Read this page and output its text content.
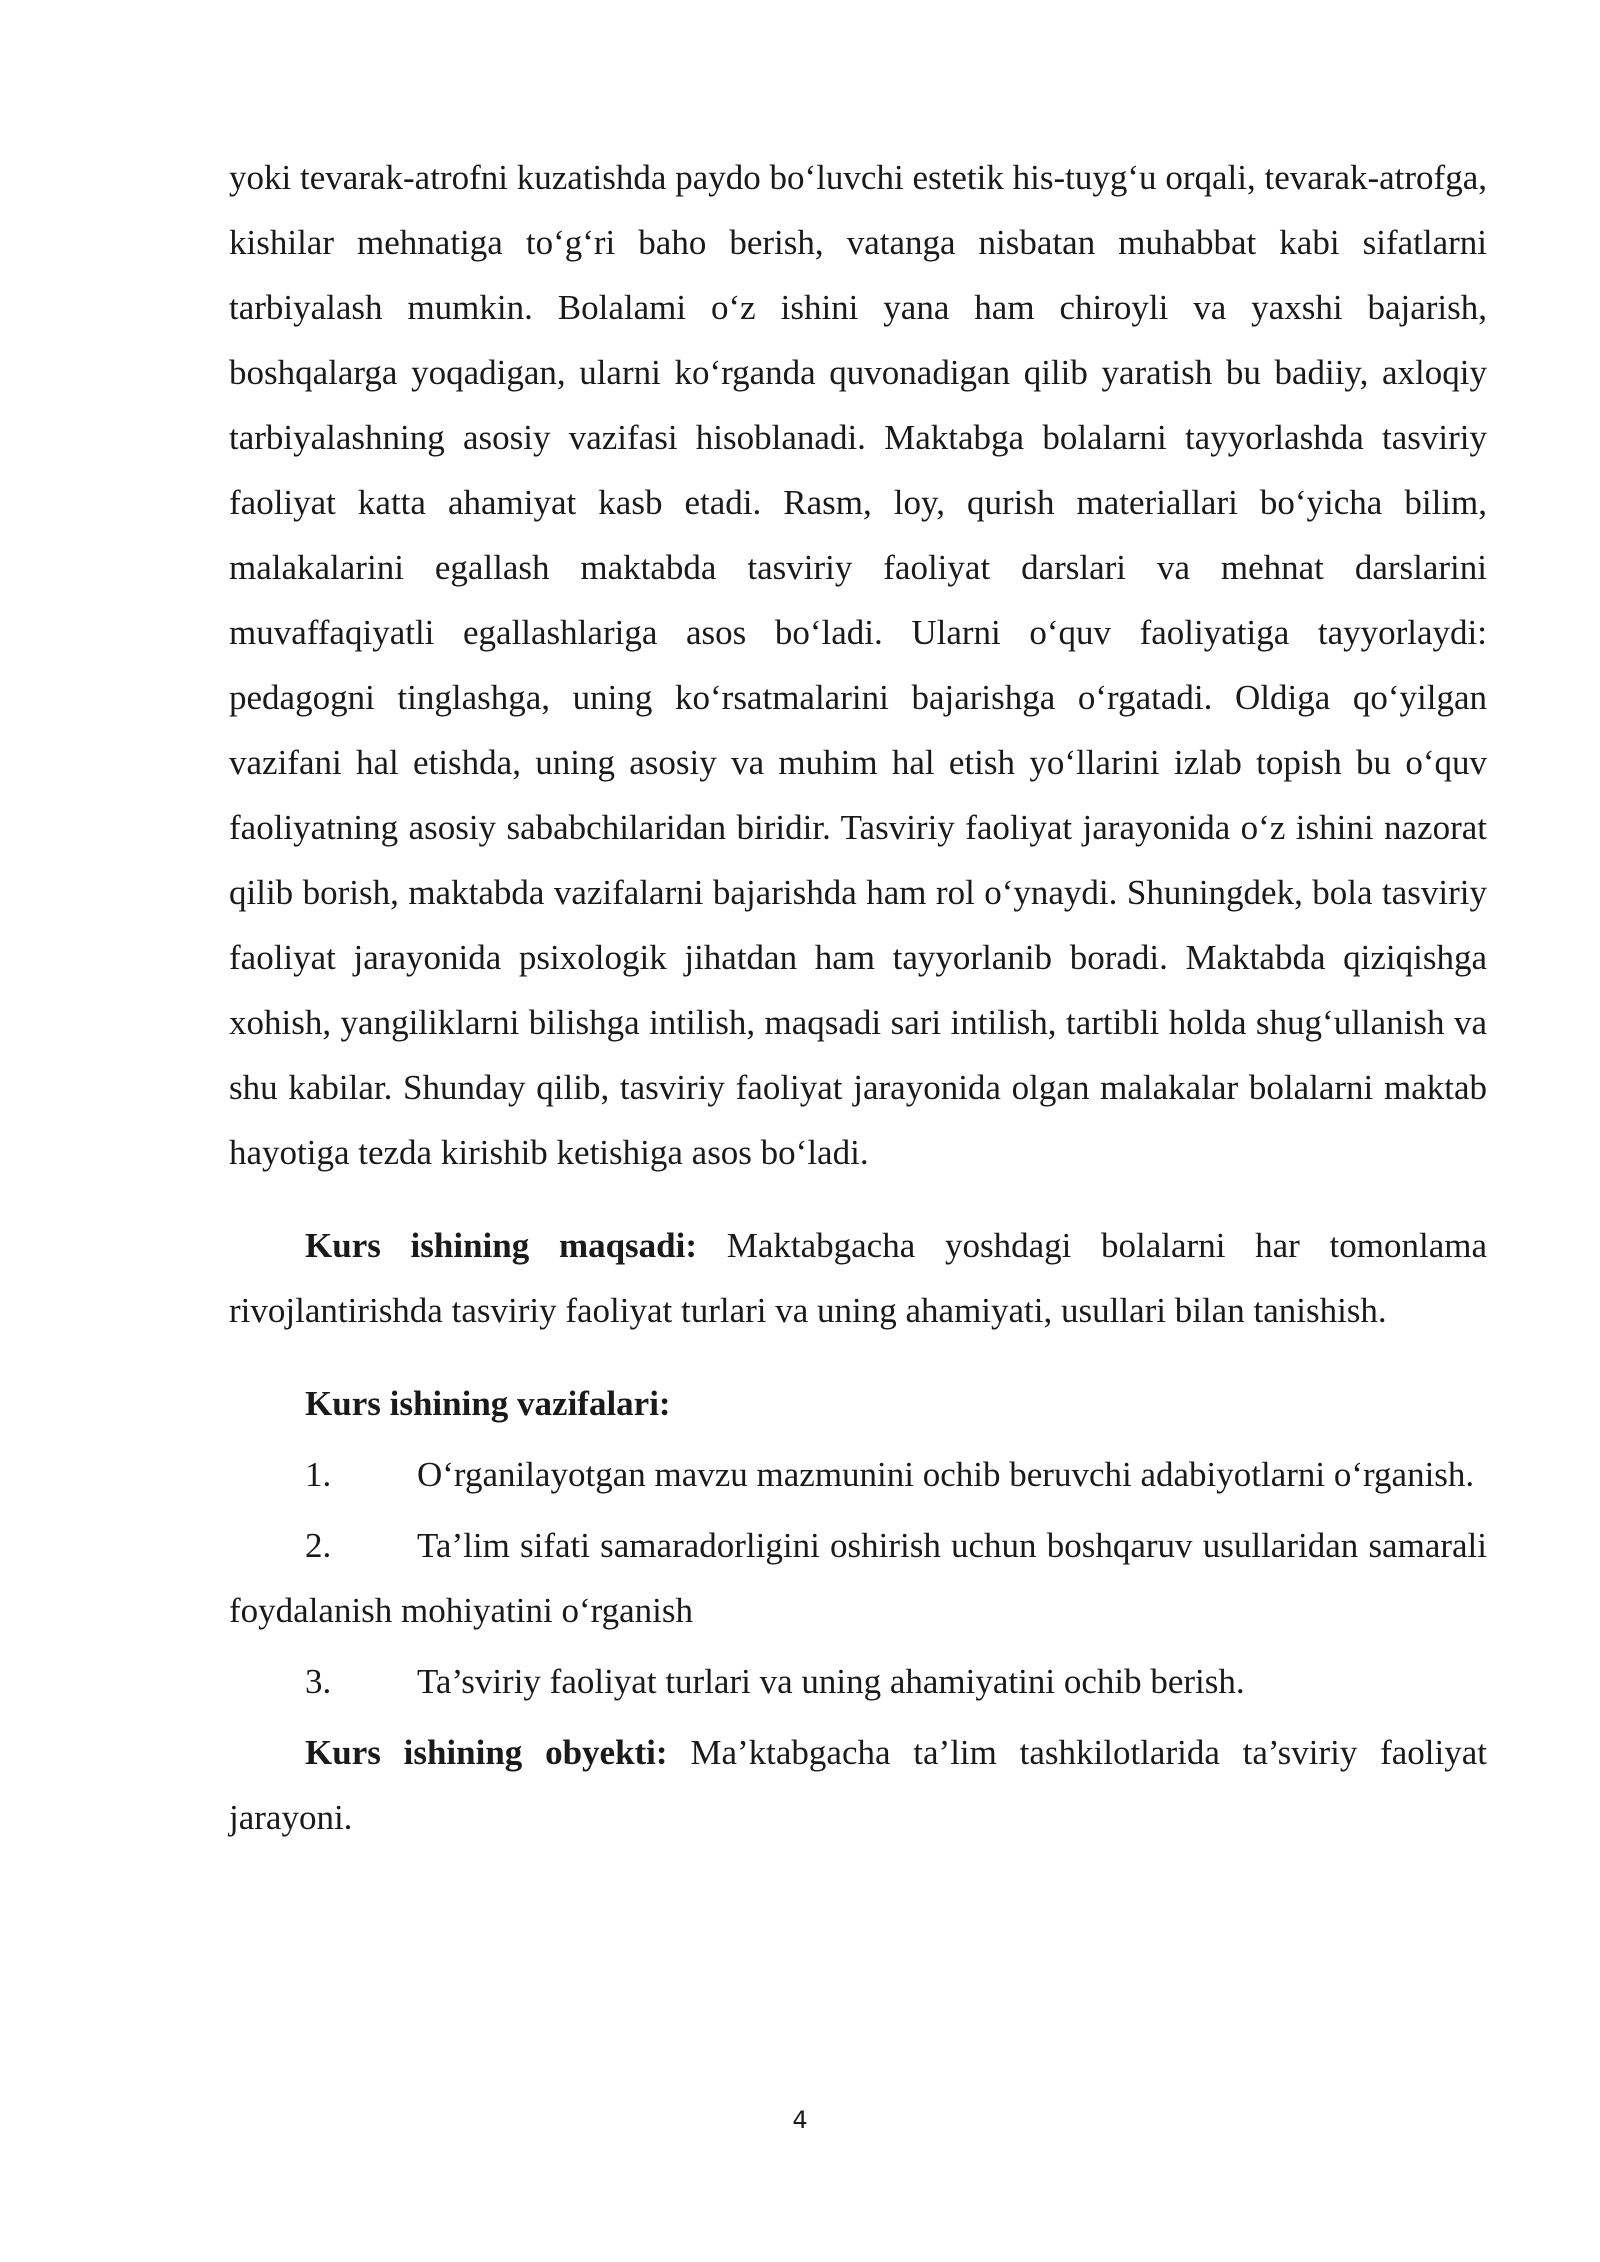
yoki tevarak-atrofni kuzatishda paydo bo‘luvchi estetik his-tuyg‘u orqali, tevarak-atrofga, kishilar mehnatiga to‘g‘ri baho berish, vatanga nisbatan muhabbat kabi sifatlarni tarbiyalash mumkin. Bolalami o‘z ishini yana ham chiroyli va yaxshi bajarish, boshqalarga yoqadigan, ularni ko‘rganda quvonadigan qilib yaratish bu badiiy, axloqiy tarbiyalashning asosiy vazifasi hisoblanadi. Maktabga bolalarni tayyorlashda tasviriy faoliyat katta ahamiyat kasb etadi. Rasm, loy, qurish materiallari bo‘yicha bilim, malakalarini egallash maktabda tasviriy faoliyat darslari va mehnat darslarini muvaffaqiyatli egallashlariga asos bo‘ladi. Ularni o‘quv faoliyatiga tayyorlaydi: pedagogni tinglashga, uning ko‘rsatmalarini bajarishga o‘rgatadi. Oldiga qo‘yilgan vazifani hal etishda, uning asosiy va muhim hal etish yo‘llarini izlab topish bu o‘quv faoliyatning asosiy sababchilaridan biridir. Tasviriy faoliyat jarayonida o‘z ishini nazorat qilib borish, maktabda vazifalarni bajarishda ham rol o‘ynaydi. Shuningdek, bola tasviriy faoliyat jarayonida psixologik jihatdan ham tayyorlanib boradi. Maktabda qiziqishga xohish, yangiliklarni bilishga intilish, maqsadi sari intilish, tartibli holda shug‘ullanish va shu kabilar. Shunday qilib, tasviriy faoliyat jarayonida olgan malakalar bolalarni maktab hayotiga tezda kirishib ketishiga asos bo‘ladi.

Kurs ishining maqsadi: Maktabgacha yoshdagi bolalarni har tomonlama rivojlantirishda tasviriy faoliyat turlari va uning ahamiyati, usullari bilan tanishish.

Kurs ishining vazifalari:

1. O‘rganilayotgan mavzu mazmunini ochib beruvchi adabiyotlarni o‘rganish.

2. Ta’lim sifati samaradorligini oshirish uchun boshqaruv usullaridan samarali      foydalanish mohiyatini o‘rganish

3. Ta’sviriy faoliyat turlari va uning ahamiyatini ochib berish.

Kurs ishining obyekti: Ma’ktabgacha ta’lim tashkilotlarida ta’sviriy faoliyat jarayoni.

4
